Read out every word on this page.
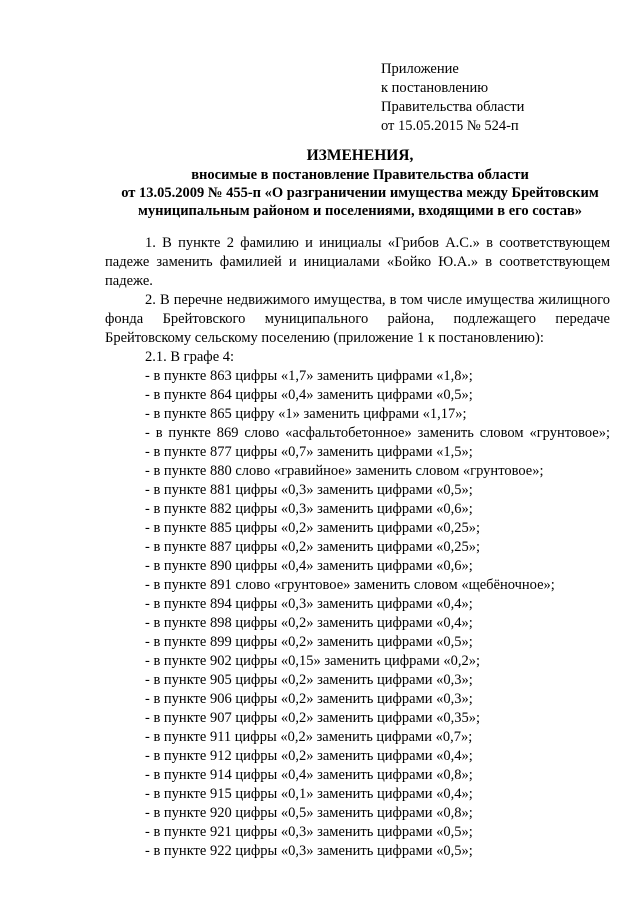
Приложение
к постановлению
Правительства области
от 15.05.2015 № 524-п
ИЗМЕНЕНИЯ,
вносимые в постановление Правительства области
от 13.05.2009 № 455-п «О разграничении имущества между Брейтовским
муниципальным районом и поселениями, входящими в его состав»
1. В пункте 2 фамилию и инициалы «Грибов А.С.» в соответствующем падеже заменить фамилией и инициалами «Бойко Ю.А.» в соответствующем падеже.
2. В перечне недвижимого имущества, в том числе имущества жилищного фонда Брейтовского муниципального района, подлежащего передаче Брейтовскому сельскому поселению (приложение 1 к постановлению):
2.1. В графе 4:
- в пункте 863 цифры «1,7» заменить цифрами «1,8»;
- в пункте 864 цифры «0,4» заменить цифрами «0,5»;
- в пункте 865 цифру «1» заменить цифрами «1,17»;
- в пункте 869 слово «асфальтобетонное» заменить словом «грунтовое»;
- в пункте 877 цифры «0,7» заменить цифрами «1,5»;
- в пункте 880 слово «гравийное» заменить словом «грунтовое»;
- в пункте 881 цифры «0,3» заменить цифрами «0,5»;
- в пункте 882 цифры «0,3» заменить цифрами «0,6»;
- в пункте 885 цифры «0,2» заменить цифрами «0,25»;
- в пункте 887 цифры «0,2» заменить цифрами «0,25»;
- в пункте 890 цифры «0,4» заменить цифрами «0,6»;
- в пункте 891 слово «грунтовое» заменить словом «щебёночное»;
- в пункте 894 цифры «0,3» заменить цифрами «0,4»;
- в пункте 898 цифры «0,2» заменить цифрами «0,4»;
- в пункте 899 цифры «0,2» заменить цифрами «0,5»;
- в пункте 902 цифры «0,15» заменить цифрами «0,2»;
- в пункте 905 цифры «0,2» заменить цифрами «0,3»;
- в пункте 906 цифры «0,2» заменить цифрами «0,3»;
- в пункте 907 цифры «0,2» заменить цифрами «0,35»;
- в пункте 911 цифры «0,2» заменить цифрами «0,7»;
- в пункте 912 цифры «0,2» заменить цифрами «0,4»;
- в пункте 914 цифры «0,4» заменить цифрами «0,8»;
- в пункте 915 цифры «0,1» заменить цифрами «0,4»;
- в пункте 920 цифры «0,5» заменить цифрами «0,8»;
- в пункте 921 цифры «0,3» заменить цифрами «0,5»;
- в пункте 922 цифры «0,3» заменить цифрами «0,5»;
